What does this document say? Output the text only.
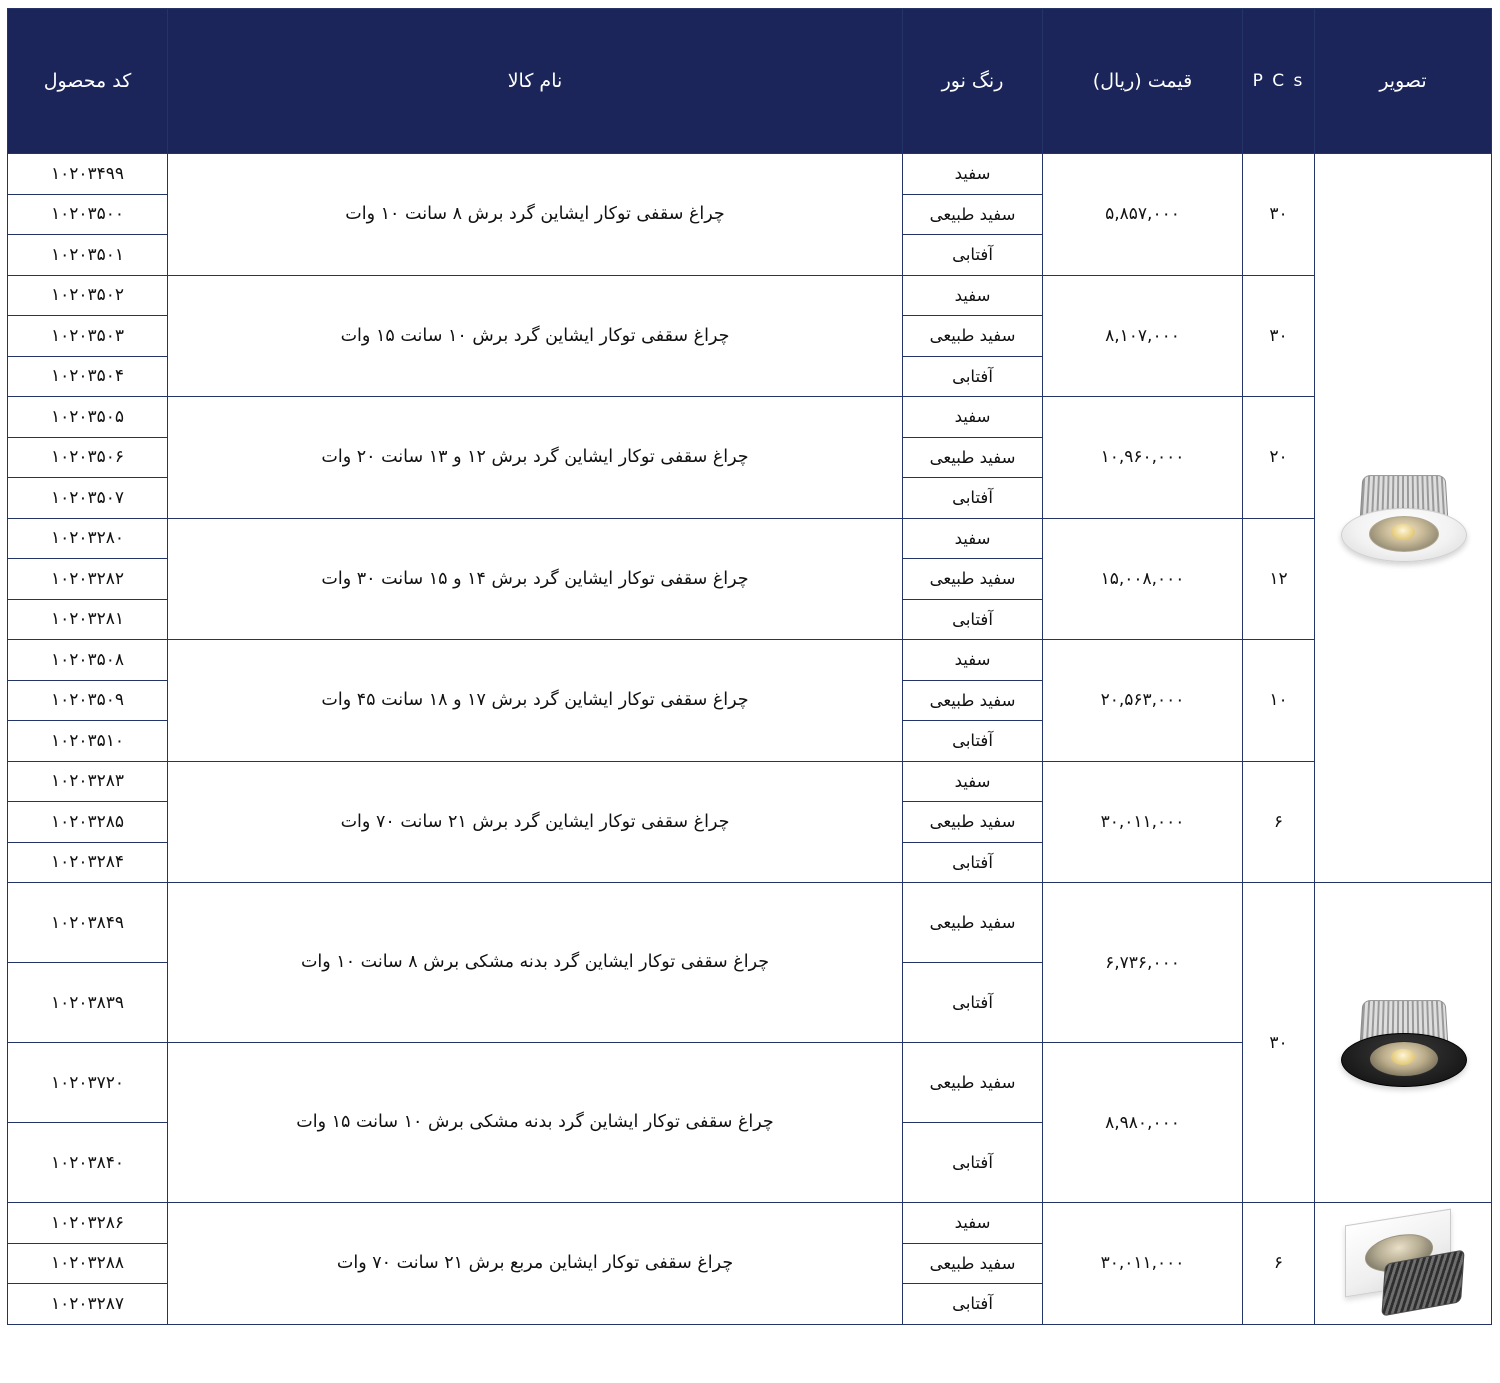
تصویر	P C s	قیمت (ریال)	رنگ نور	نام کالا	کد محصول

	۳۰	۵,۸۵۷,۰۰۰	سفید	چراغ سقفی توکار ایشاین گرد برش ۸ سانت ۱۰ وات	۱۰۲۰۳۴۹۹
			سفید طبیعی		۱۰۲۰۳۵۰۰
			آفتابی		۱۰۲۰۳۵۰۱
	۳۰	۸,۱۰۷,۰۰۰	سفید	چراغ سقفی توکار ایشاین گرد برش ۱۰ سانت ۱۵ وات	۱۰۲۰۳۵۰۲
			سفید طبیعی		۱۰۲۰۳۵۰۳
			آفتابی		۱۰۲۰۳۵۰۴
	۲۰	۱۰,۹۶۰,۰۰۰	سفید	چراغ سقفی توکار ایشاین گرد برش ۱۲ و ۱۳ سانت ۲۰ وات	۱۰۲۰۳۵۰۵
			سفید طبیعی		۱۰۲۰۳۵۰۶
			آفتابی		۱۰۲۰۳۵۰۷
	۱۲	۱۵,۰۰۸,۰۰۰	سفید	چراغ سقفی توکار ایشاین گرد برش ۱۴ و ۱۵ سانت ۳۰ وات	۱۰۲۰۳۲۸۰
			سفید طبیعی		۱۰۲۰۳۲۸۲
			آفتابی		۱۰۲۰۳۲۸۱
	۱۰	۲۰,۵۶۳,۰۰۰	سفید	چراغ سقفی توکار ایشاین گرد برش ۱۷ و ۱۸ سانت ۴۵ وات	۱۰۲۰۳۵۰۸
			سفید طبیعی		۱۰۲۰۳۵۰۹
			آفتابی		۱۰۲۰۳۵۱۰
	۶	۳۰,۰۱۱,۰۰۰	سفید	چراغ سقفی توکار ایشاین گرد برش ۲۱ سانت ۷۰ وات	۱۰۲۰۳۲۸۳
			سفید طبیعی		۱۰۲۰۳۲۸۵
			آفتابی		۱۰۲۰۳۲۸۴

	۳۰	۶,۷۳۶,۰۰۰	سفید طبیعی	چراغ سقفی توکار ایشاین گرد بدنه مشکی برش ۸ سانت ۱۰ وات	۱۰۲۰۳۸۴۹
			آفتابی		۱۰۲۰۳۸۳۹
		۸,۹۸۰,۰۰۰	سفید طبیعی	چراغ سقفی توکار ایشاین گرد بدنه مشکی برش ۱۰ سانت ۱۵ وات	۱۰۲۰۳۷۲۰
			آفتابی		۱۰۲۰۳۸۴۰

	۶	۳۰,۰۱۱,۰۰۰	سفید	چراغ سقفی توکار ایشاین مربع برش ۲۱ سانت ۷۰ وات	۱۰۲۰۳۲۸۶
			سفید طبیعی		۱۰۲۰۳۲۸۸
			آفتابی		۱۰۲۰۳۲۸۷
